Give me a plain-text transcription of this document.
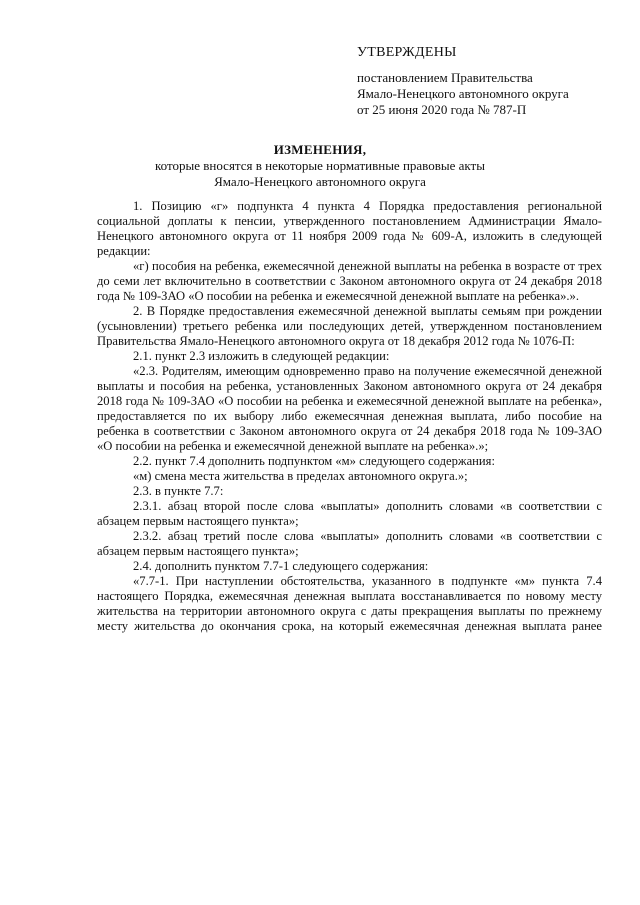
УТВЕРЖДЕНЫ
постановлением Правительства
Ямало-Ненецкого автономного округа
от 25 июня 2020 года № 787-П
ИЗМЕНЕНИЯ,
которые вносятся в некоторые нормативные правовые акты
Ямало-Ненецкого автономного округа

1. Позицию «г» подпункта 4 пункта 4 Порядка предоставления региональной социальной доплаты к пенсии, утвержденного постановлением Администрации Ямало-Ненецкого автономного округа от 11 ноября 2009 года № 609-А, изложить в следующей редакции:

«г) пособия на ребенка, ежемесячной денежной выплаты на ребенка в возрасте от трех до семи лет включительно в соответствии с Законом автономного округа от 24 декабря 2018 года № 109-ЗАО «О пособии на ребенка и ежемесячной денежной выплате на ребенка».».

2. В Порядке предоставления ежемесячной денежной выплаты семьям при рождении (усыновлении) третьего ребенка или последующих детей, утвержденном постановлением Правительства Ямало-Ненецкого автономного округа от 18 декабря 2012 года № 1076-П:

2.1. пункт 2.3 изложить в следующей редакции:

«2.3. Родителям, имеющим одновременно право на получение ежемесячной денежной выплаты и пособия на ребенка, установленных Законом автономного округа от 24 декабря 2018 года № 109-ЗАО «О пособии на ребенка и ежемесячной денежной выплате на ребенка», предоставляется по их выбору либо ежемесячная денежная выплата, либо пособие на ребенка в соответствии с Законом автономного округа от 24 декабря 2018 года № 109-ЗАО «О пособии на ребенка и ежемесячной денежной выплате на ребенка».»;

2.2. пункт 7.4 дополнить подпунктом «м» следующего содержания:

«м) смена места жительства в пределах автономного округа.»;

2.3. в пункте 7.7:

2.3.1. абзац второй после слова «выплаты» дополнить словами «в соответствии с абзацем первым настоящего пункта»;

2.3.2. абзац третий после слова «выплаты» дополнить словами «в соответствии с абзацем первым настоящего пункта»;

2.4. дополнить пунктом 7.7-1 следующего содержания:

«7.7-1. При наступлении обстоятельства, указанного в подпункте «м» пункта 7.4 настоящего Порядка, ежемесячная денежная выплата восстанавливается по новому месту жительства на территории автономного округа с даты прекращения выплаты по прежнему месту жительства до окончания срока, на который ежемесячная денежная выплата ранее
